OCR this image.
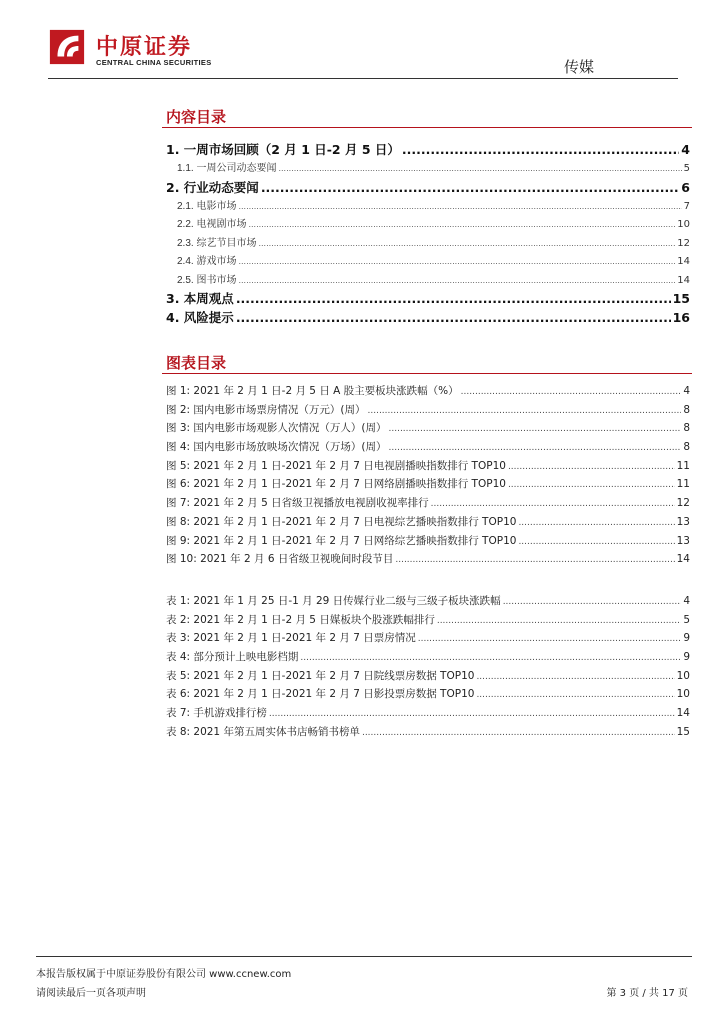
中原证券
CENTRAL CHINA SECURITIES	传媒
内容目录
1. 一周市场回顾（2 月 1 日-2 月 5 日） .....	4
1.1. 一周公司动态要闻 .....	5
2. 行业动态要闻 .....	6
2.1. 电影市场 .....	7
2.2. 电视剧市场 .....	10
2.3. 综艺节目市场 .....	12
2.4. 游戏市场 .....	14
2.5. 图书市场 .....	14
3. 本周观点 .....	15
4. 风险提示 .....	16
图表目录
图 1: 2021 年 2 月 1 日-2 月 5 日 A 股主要板块涨跌幅（%） .....	4
图 2: 国内电影市场票房情况（万元）(周） .....	8
图 3: 国内电影市场观影人次情况（万人）(周） .....	8
图 4: 国内电影市场放映场次情况（万场）(周） .....	8
图 5: 2021 年 2 月 1 日-2021 年 2 月 7 日电视剧播映指数排行 TOP10 .....	11
图 6: 2021 年 2 月 1 日-2021 年 2 月 7 日网络剧播映指数排行 TOP10 .....	11
图 7: 2021 年 2 月 5 日省级卫视播放电视剧收视率排行 .....	12
图 8: 2021 年 2 月 1 日-2021 年 2 月 7 日电视综艺播映指数排行 TOP10 .....	13
图 9: 2021 年 2 月 1 日-2021 年 2 月 7 日网络综艺播映指数排行 TOP10 .....	13
图 10: 2021 年 2 月 6 日省级卫视晚间时段节目 .....	14
表 1: 2021 年 1 月 25 日-1 月 29 日传媒行业二级与三级子板块涨跌幅 .....	4
表 2: 2021 年 2 月 1 日-2 月 5 日媒板块个股涨跌幅排行 .....	5
表 3: 2021 年 2 月 1 日-2021 年 2 月 7 日票房情况 .....	9
表 4: 部分预计上映电影档期 .....	9
表 5: 2021 年 2 月 1 日-2021 年 2 月 7 日院线票房数据 TOP10 .....	10
表 6: 2021 年 2 月 1 日-2021 年 2 月 7 日影投票房数据 TOP10 .....	10
表 7: 手机游戏排行榜 .....	14
表 8: 2021 年第五周实体书店畅销书榜单 .....	15
本报告版权属于中原证券股份有限公司 www.ccnew.com
请阅读最后一页各项声明	第 3 页 / 共 17 页
